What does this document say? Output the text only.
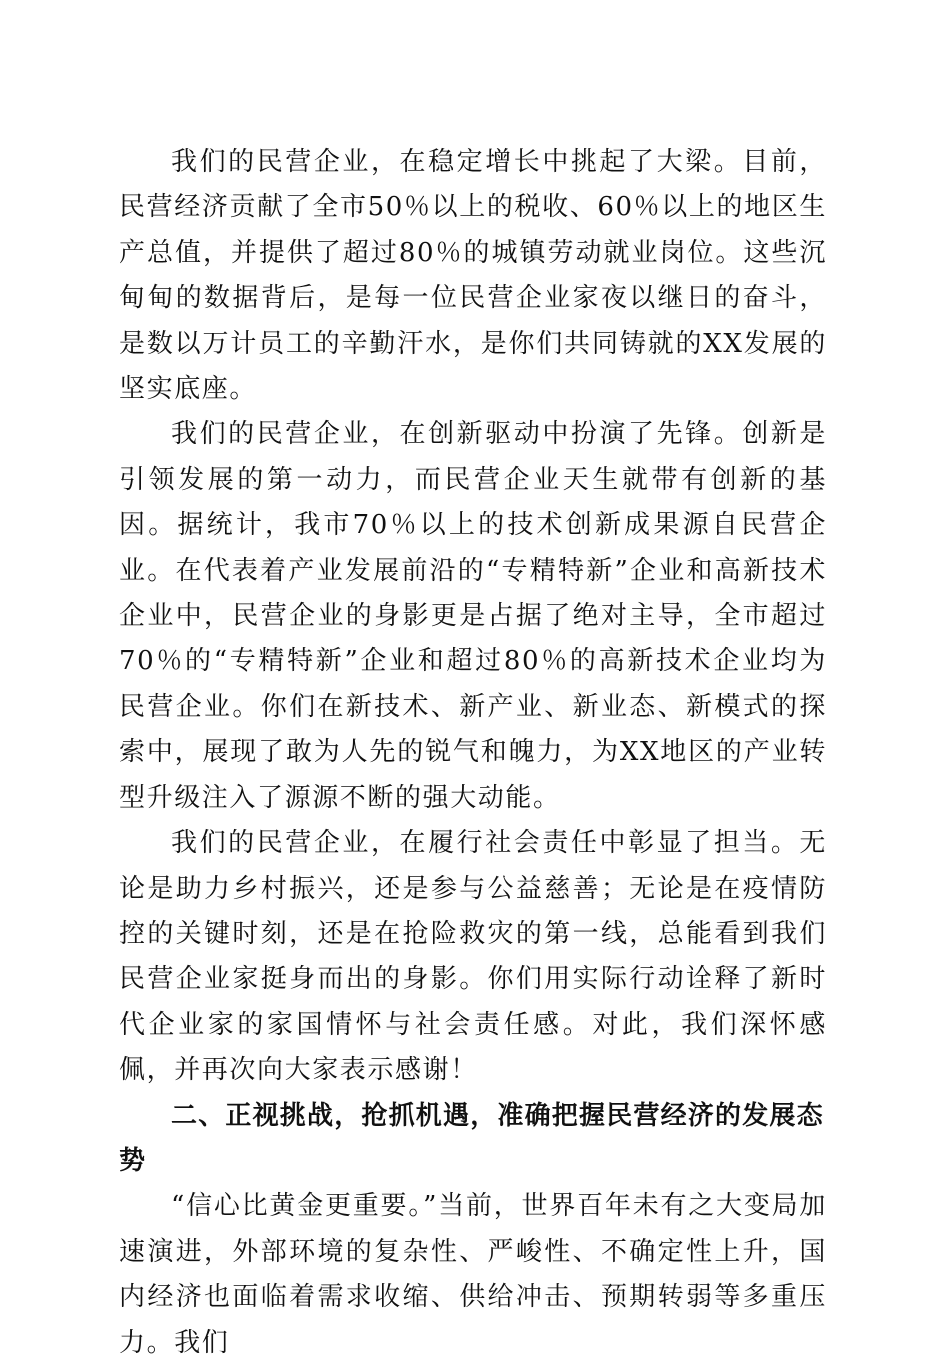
我们的民营企业，在稳定增长中挑起了大梁。目前，民营经济贡献了全市50％以上的税收、60％以上的地区生产总值，并提供了超过80％的城镇劳动就业岗位。这些沉甸甸的数据背后，是每一位民营企业家夜以继日的奋斗，是数以万计员工的辛勤汗水，是你们共同铸就的XX发展的坚实底座。

我们的民营企业，在创新驱动中扮演了先锋。创新是引领发展的第一动力，而民营企业天生就带有创新的基因。据统计，我市70％以上的技术创新成果源自民营企业。在代表着产业发展前沿的“专精特新”企业和高新技术企业中，民营企业的身影更是占据了绝对主导，全市超过70％的“专精特新”企业和超过80％的高新技术企业均为民营企业。你们在新技术、新产业、新业态、新模式的探索中，展现了敢为人先的锐气和魄力，为XX地区的产业转型升级注入了源源不断的强大动能。

我们的民营企业，在履行社会责任中彰显了担当。无论是助力乡村振兴，还是参与公益慈善；无论是在疫情防控的关键时刻，还是在抢险救灾的第一线，总能看到我们民营企业家挺身而出的身影。你们用实际行动诠释了新时代企业家的家国情怀与社会责任感。对此，我们深怀感佩，并再次向大家表示感谢！

二、正视挑战，抢抓机遇，准确把握民营经济的发展态势

“信心比黄金更重要。”当前，世界百年未有之大变局加速演进，外部环境的复杂性、严峻性、不确定性上升，国内经济也面临着需求收缩、供给冲击、预期转弱等多重压力。我们
